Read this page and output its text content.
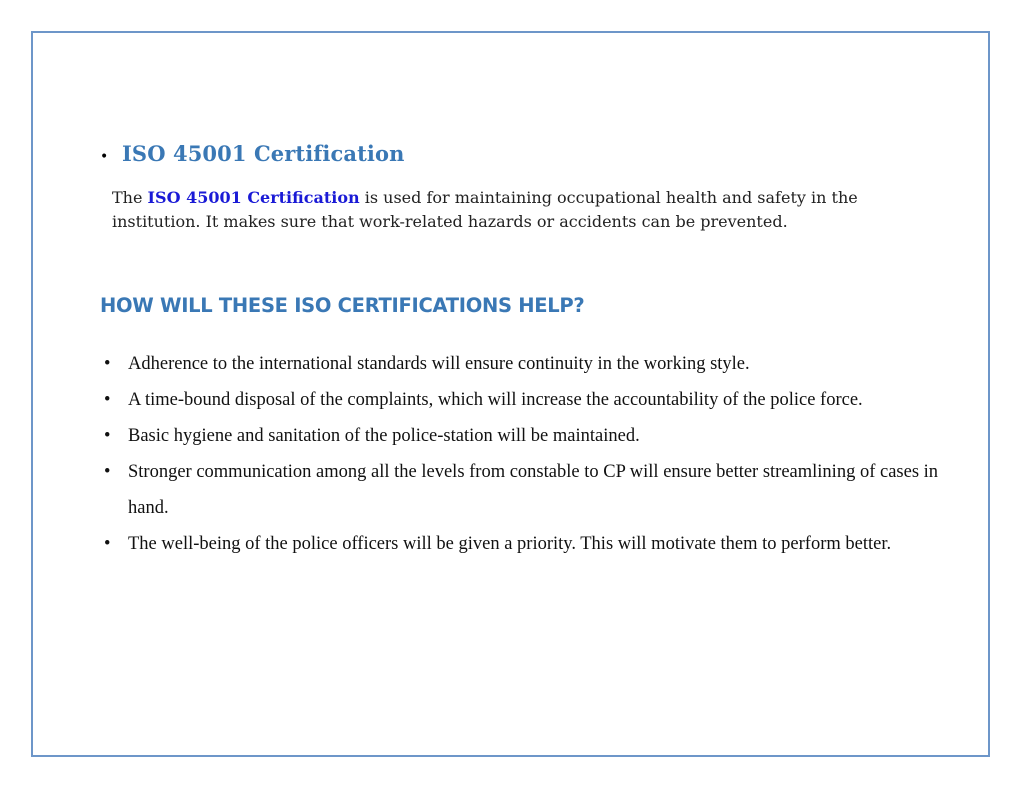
• ISO 45001 Certification

The ISO 45001 Certification is used for maintaining occupational health and safety in the institution. It makes sure that work-related hazards or accidents can be prevented.

HOW WILL THESE ISO CERTIFICATIONS HELP?
• Adherence to the international standards will ensure continuity in the working style.
• A time-bound disposal of the complaints, which will increase the accountability of the police force.
• Basic hygiene and sanitation of the police-station will be maintained.
• Stronger communication among all the levels from constable to CP will ensure better streamlining of cases in hand.
• The well-being of the police officers will be given a priority. This will motivate them to perform better.
